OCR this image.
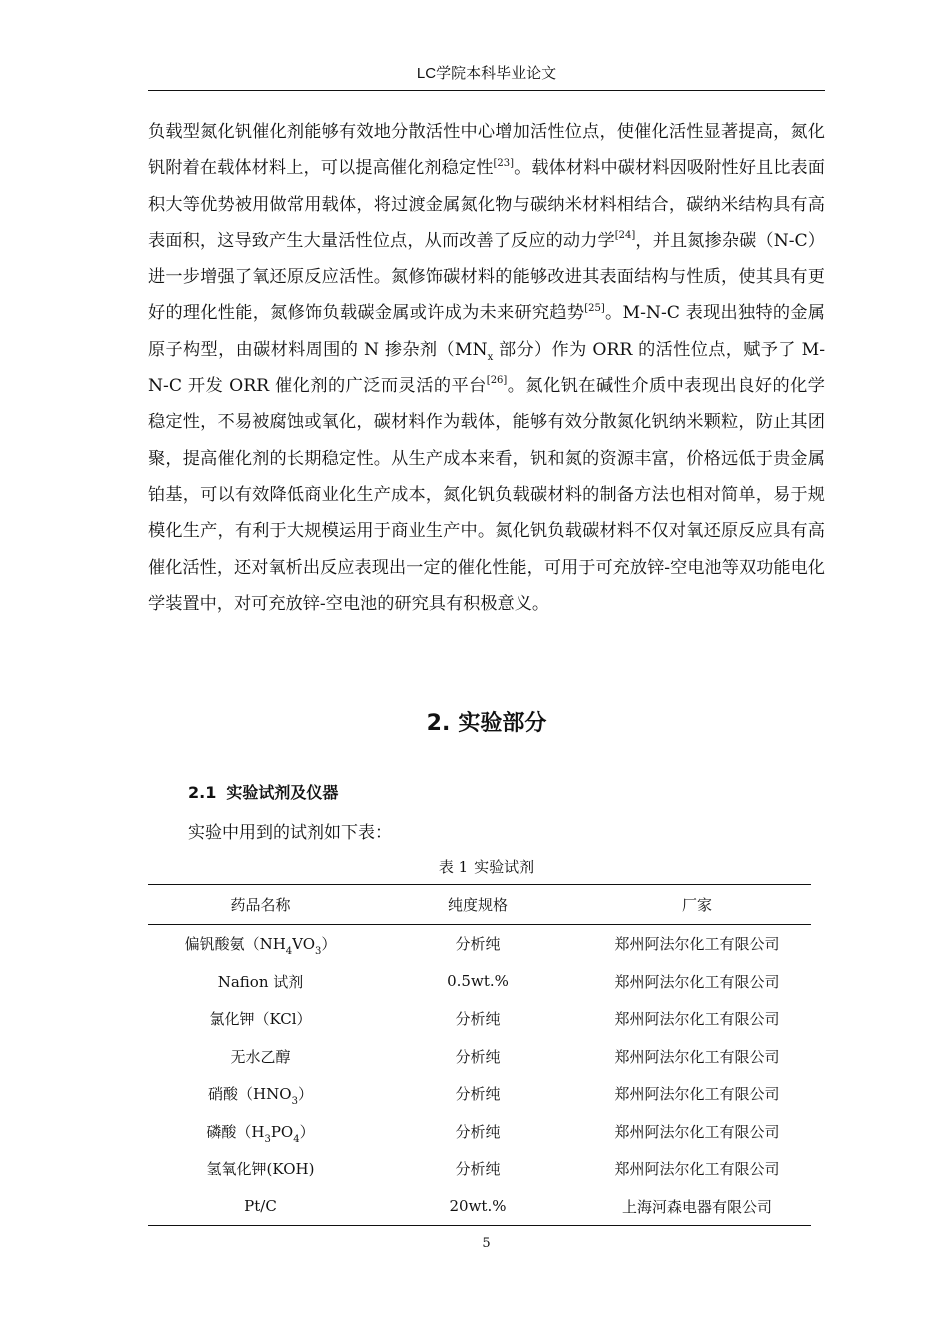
LC学院本科毕业论文

负载型氮化钒催化剂能够有效地分散活性中心增加活性位点，使催化活性显著提高，氮化钒附着在载体材料上，可以提高催化剂稳定性[23]。载体材料中碳材料因吸附性好且比表面积大等优势被用做常用载体，将过渡金属氮化物与碳纳米材料相结合，碳纳米结构具有高表面积，这导致产生大量活性位点，从而改善了反应的动力学[24]，并且氮掺杂碳（N-C）进一步增强了氧还原反应活性。氮修饰碳材料的能够改进其表面结构与性质，使其具有更好的理化性能，氮修饰负载碳金属或许成为未来研究趋势[25]。M-N-C 表现出独特的金属原子构型，由碳材料周围的 N 掺杂剂（$MN_x$ 部分）作为 ORR 的活性位点，赋予了 M-N-C 开发 ORR 催化剂的广泛而灵活的平台[26]。氮化钒在碱性介质中表现出良好的化学稳定性，不易被腐蚀或氧化，碳材料作为载体，能够有效分散氮化钒纳米颗粒，防止其团聚，提高催化剂的长期稳定性。从生产成本来看，钒和氮的资源丰富，价格远低于贵金属铂基，可以有效降低商业化生产成本，氮化钒负载碳材料的制备方法也相对简单，易于规模化生产，有利于大规模运用于商业生产中。氮化钒负载碳材料不仅对氧还原反应具有高催化活性，还对氧析出反应表现出一定的催化性能，可用于可充放锌-空电池等双功能电化学装置中，对可充放锌-空电池的研究具有积极意义。

2. 实验部分
2.1 实验试剂及仪器
实验中用到的试剂如下表：
表 1 实验试剂
药品名称	纯度规格	厂家
偏钒酸氨$(NH_4VO_3)$	分析纯	郑州阿法尔化工有限公司
Nafion 试剂	0.5wt.%	郑州阿法尔化工有限公司
氯化钾（KCl）	分析纯	郑州阿法尔化工有限公司
无水乙醇	分析纯	郑州阿法尔化工有限公司
硝酸$(HNO_3)$	分析纯	郑州阿法尔化工有限公司
磷酸$(H_3PO_4)$	分析纯	郑州阿法尔化工有限公司
氢氧化钾(KOH)	分析纯	郑州阿法尔化工有限公司
Pt/C	20wt.%	上海河森电器有限公司
5
